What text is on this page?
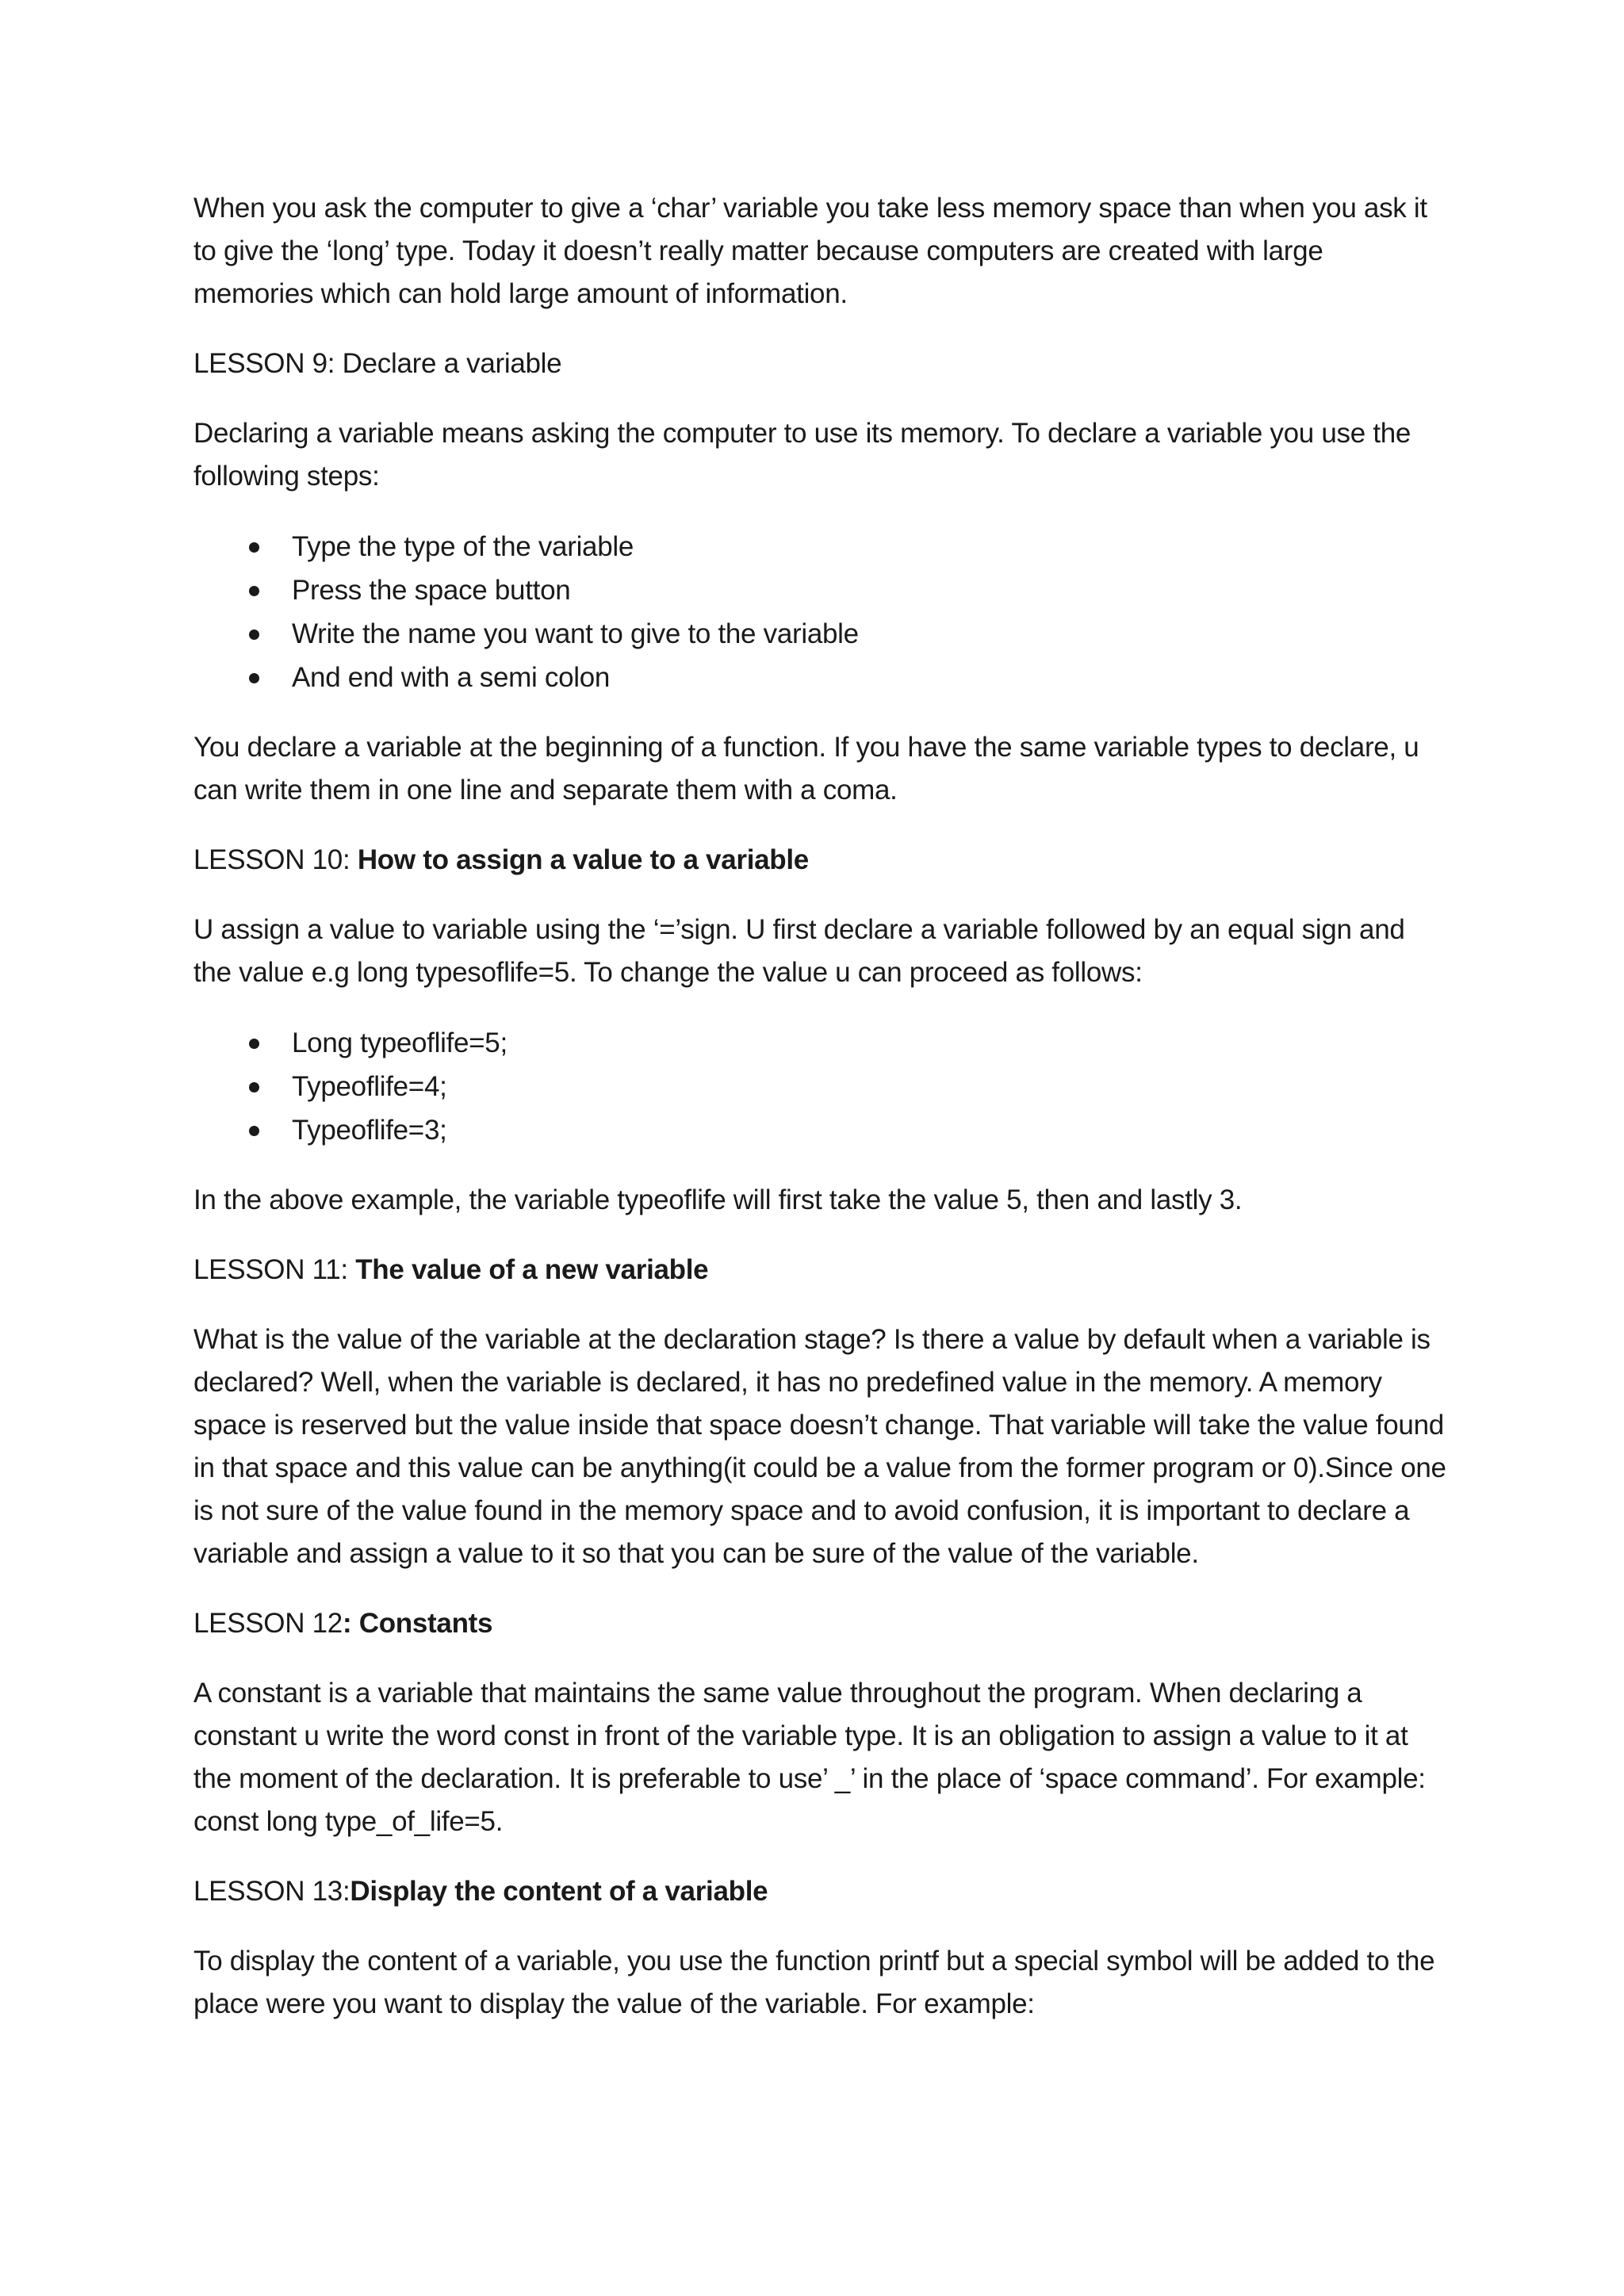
When you ask the computer to give a ‘char’ variable you take less memory space than when you ask it to give the ‘long’ type. Today it doesn’t really matter because computers are created with large memories which can hold large amount of information.

LESSON 9: Declare a variable

Declaring a variable means asking the computer to use its memory. To declare a variable you use the following steps:

Type the type of the variable
Press the space button
Write the name you want to give to the variable
And end with a semi colon

You declare a variable at the beginning of a function. If you have the same variable types to declare, u can write them in one line and separate them with a coma.

LESSON 10: How to assign a value to a variable

U assign a value to variable using the ‘=’sign. U first declare a variable followed by an equal sign and the value e.g long typesoflife=5. To change the value u can proceed as follows:

Long typeoflife=5;
Typeoflife=4;
Typeoflife=3;

In the above example, the variable typeoflife will first take the value 5, then and lastly 3.

LESSON 11: The value of a new variable

What is the value of the variable at the declaration stage? Is there a value by default when a variable is declared? Well, when the variable is declared, it has no predefined value in the memory. A memory space is reserved but the value inside that space doesn’t change. That variable will take the value found in that space and this value can be anything(it could be a value from the former program or 0).Since one is not sure of the value found in the memory space and to avoid confusion, it is important to declare a variable and assign a value to it so that you can be sure of the value of the variable.

LESSON 12: Constants

A constant is a variable that maintains the same value throughout the program. When declaring a constant u write the word const in front of the variable type. It is an obligation to assign a value to it at the moment of the declaration. It is preferable to use’ _’ in the place of ‘space command’. For example: const long type_of_life=5.

LESSON 13:Display the content of a variable

To display the content of a variable, you use the function printf but a special symbol will be added to the place were you want to display the value of the variable. For example:
